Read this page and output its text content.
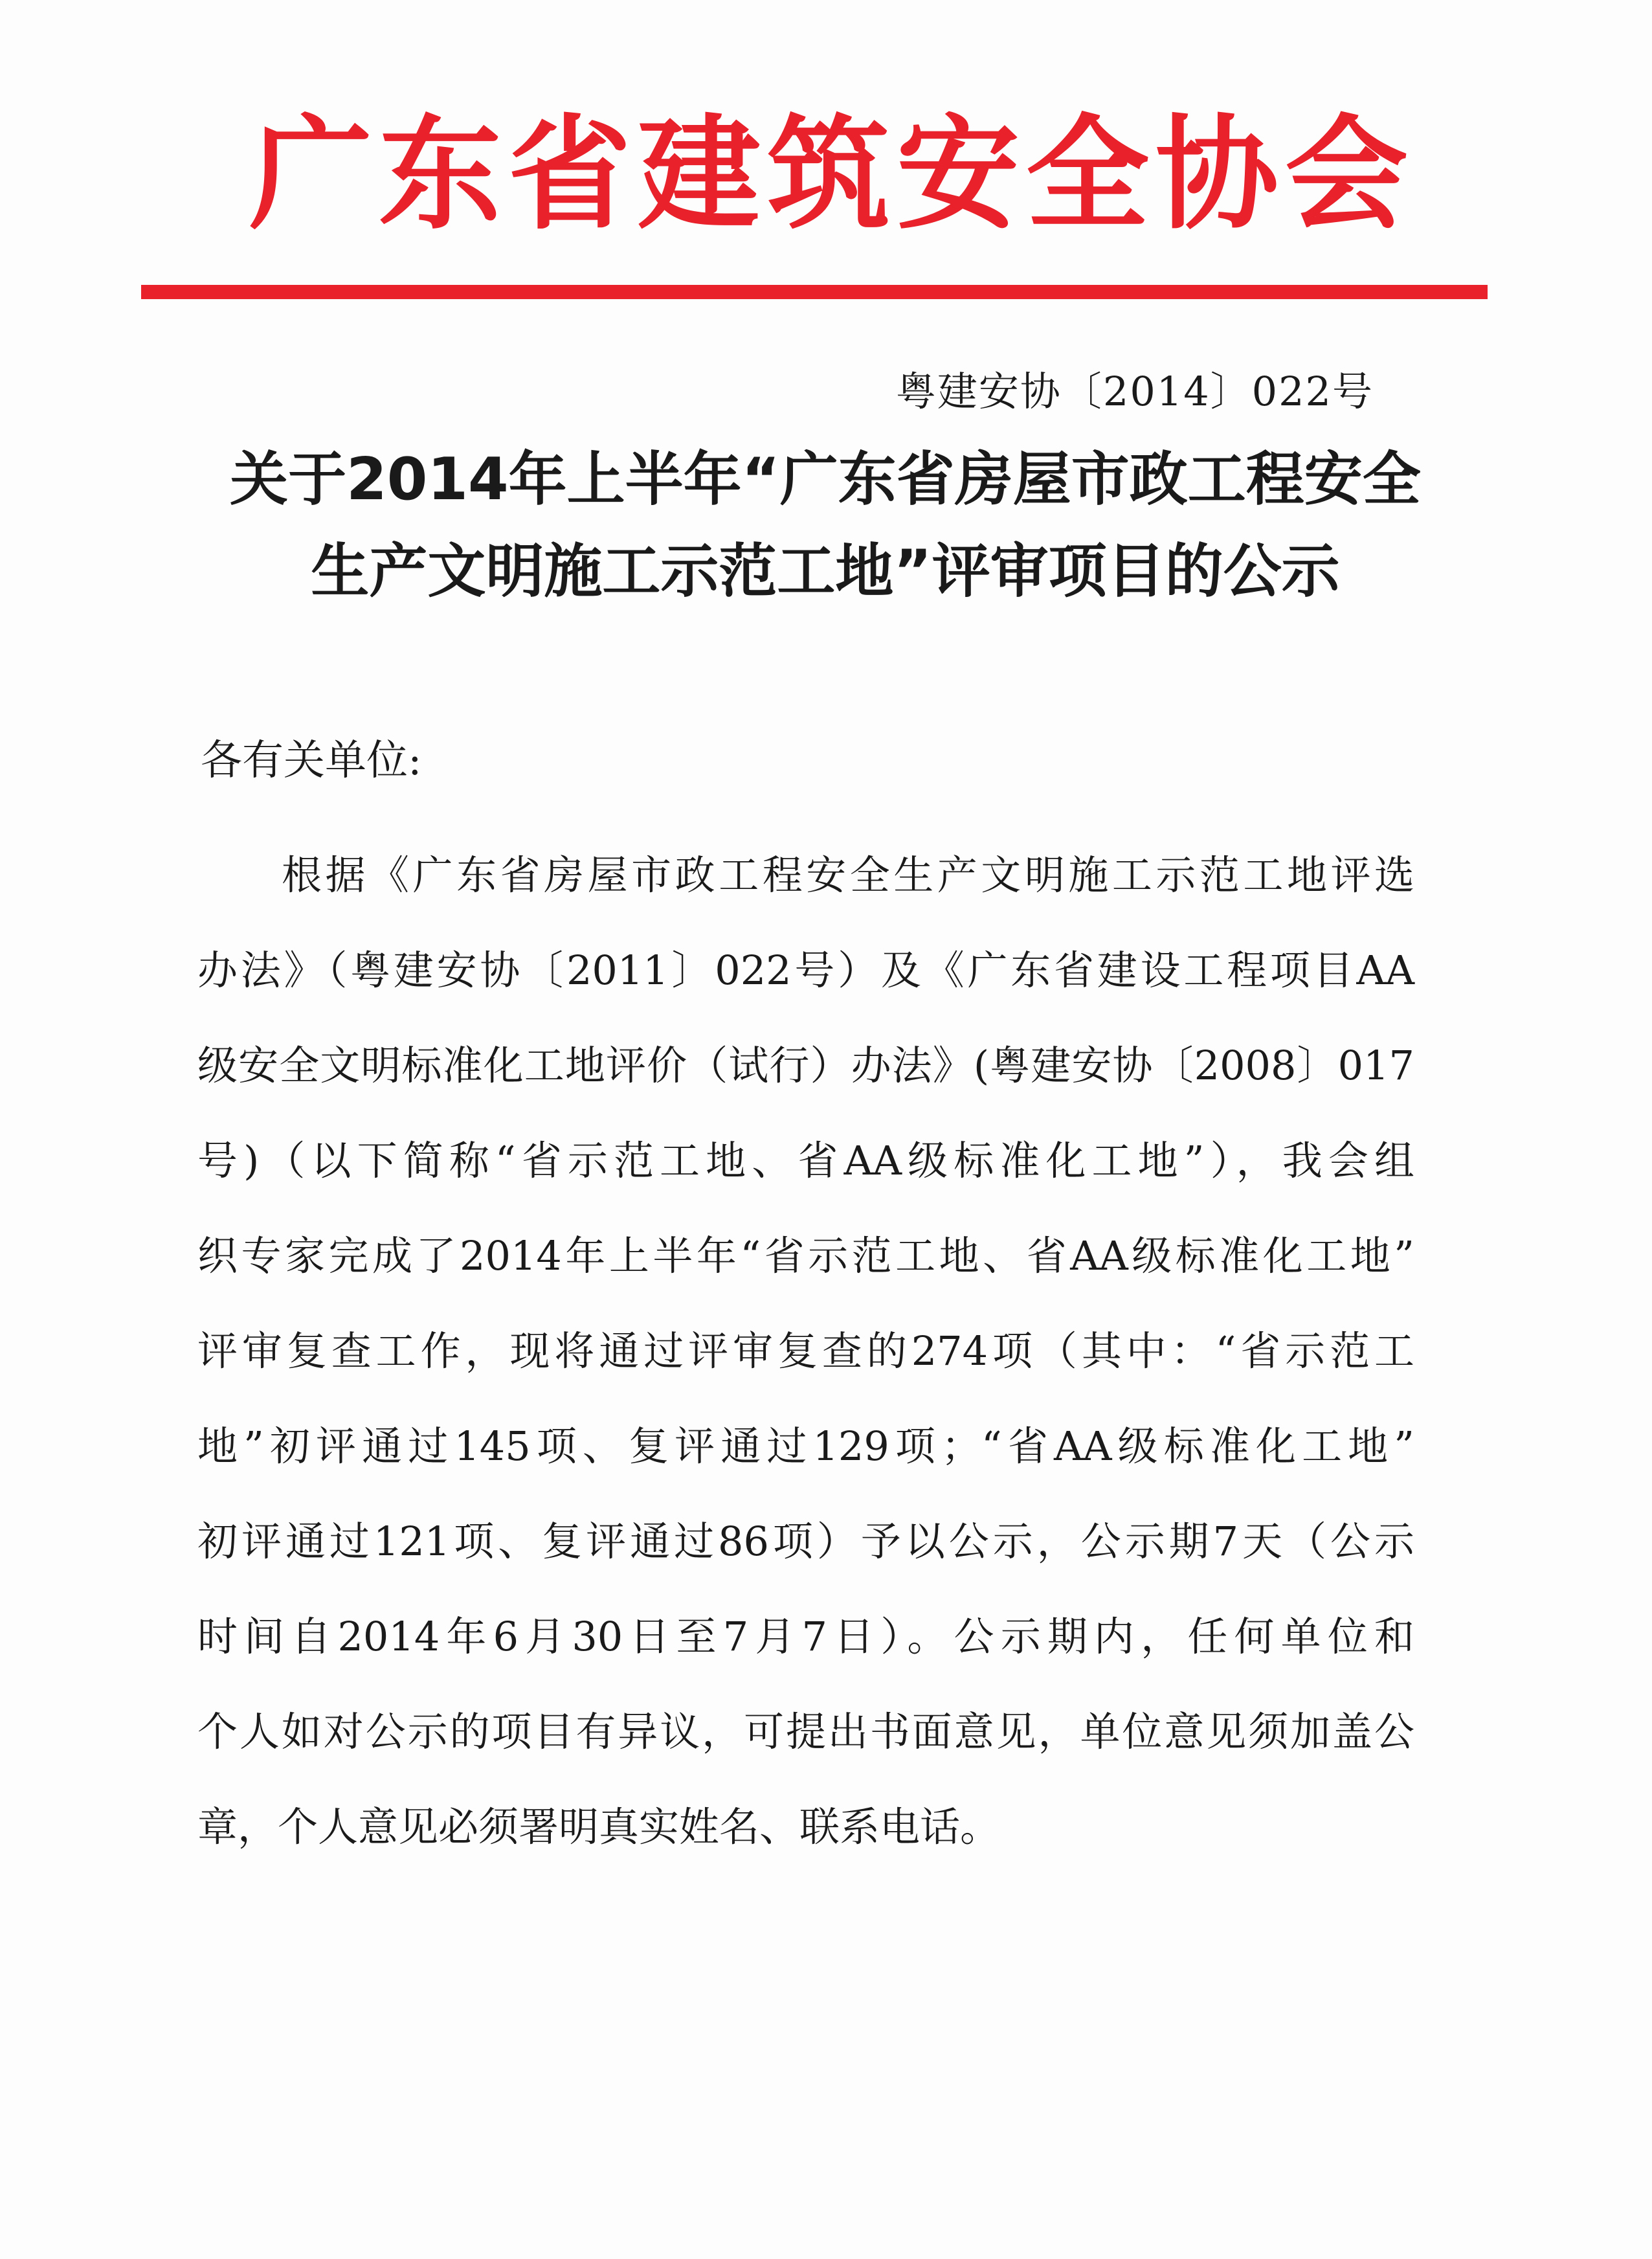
广 东 省 建 筑 安 全 协 会
粤建安协〔2014〕022号
关于2014年上半年“广东省房屋市政工程安全
生产文明施工示范工地”评审项目的公示
各有关单位:
根据《广东省房屋市政工程安全生产文明施工示范工地评选
办法》（粤建安协〔2011〕022号）及《广东省建设工程项目AA
级安全文明标准化工地评价（试行）办法》(粤建安协〔2008〕017
号)（以下简称“省示范工地、省AA级标准化工地”），我会组
织专家完成了2014年上半年“省示范工地、省AA级标准化工地”
评审复查工作，现将通过评审复查的274项（其中：“省示范工
地”初评通过145项、复评通过129项；“省AA级标准化工地”
初评通过121项、复评通过86项）予以公示，公示期7天（公示
时间自2014年6月30日至7月7日）。公示期内，任何单位和
个人如对公示的项目有异议，可提出书面意见，单位意见须加盖公
章，个人意见必须署明真实姓名、联系电话。
